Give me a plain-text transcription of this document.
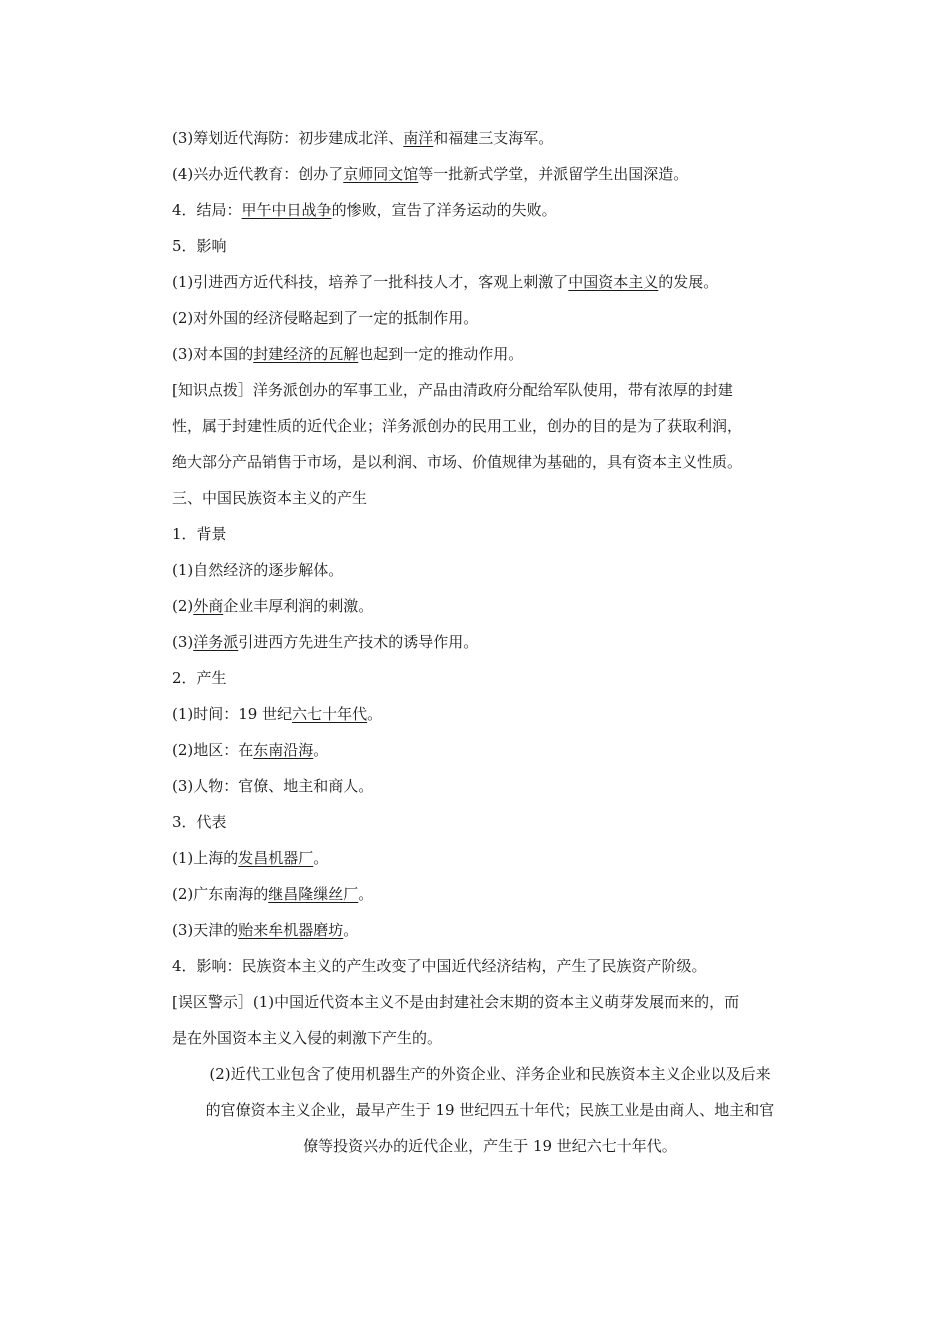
(3)筹划近代海防：初步建成北洋、南洋和福建三支海军。
(4)兴办近代教育：创办了京师同文馆等一批新式学堂，并派留学生出国深造。
4．结局：甲午中日战争的惨败，宣告了洋务运动的失败。
5．影响
(1)引进西方近代科技，培养了一批科技人才，客观上刺激了中国资本主义的发展。
(2)对外国的经济侵略起到了一定的抵制作用。
(3)对本国的封建经济的瓦解也起到一定的推动作用。
[知识点拨］洋务派创办的军事工业，产品由清政府分配给军队使用，带有浓厚的封建
性，属于封建性质的近代企业；洋务派创办的民用工业，创办的目的是为了获取利润，
绝大部分产品销售于市场，是以利润、市场、价值规律为基础的，具有资本主义性质。
三、中国民族资本主义的产生
1．背景
(1)自然经济的逐步解体。
(2)外商企业丰厚利润的刺激。
(3)洋务派引进西方先进生产技术的诱导作用。
2．产生
(1)时间：19 世纪六七十年代。
(2)地区：在东南沿海。
(3)人物：官僚、地主和商人。
3．代表
(1)上海的发昌机器厂。
(2)广东南海的继昌隆缫丝厂。
(3)天津的贻来牟机器磨坊。
4．影响：民族资本主义的产生改变了中国近代经济结构，产生了民族资产阶级。
[误区警示］(1)中国近代资本主义不是由封建社会末期的资本主义萌芽发展而来的，而
是在外国资本主义入侵的刺激下产生的。
(2)近代工业包含了使用机器生产的外资企业、洋务企业和民族资本主义企业以及后来
的官僚资本主义企业，最早产生于 19 世纪四五十年代；民族工业是由商人、地主和官
僚等投资兴办的近代企业，产生于 19 世纪六七十年代。
